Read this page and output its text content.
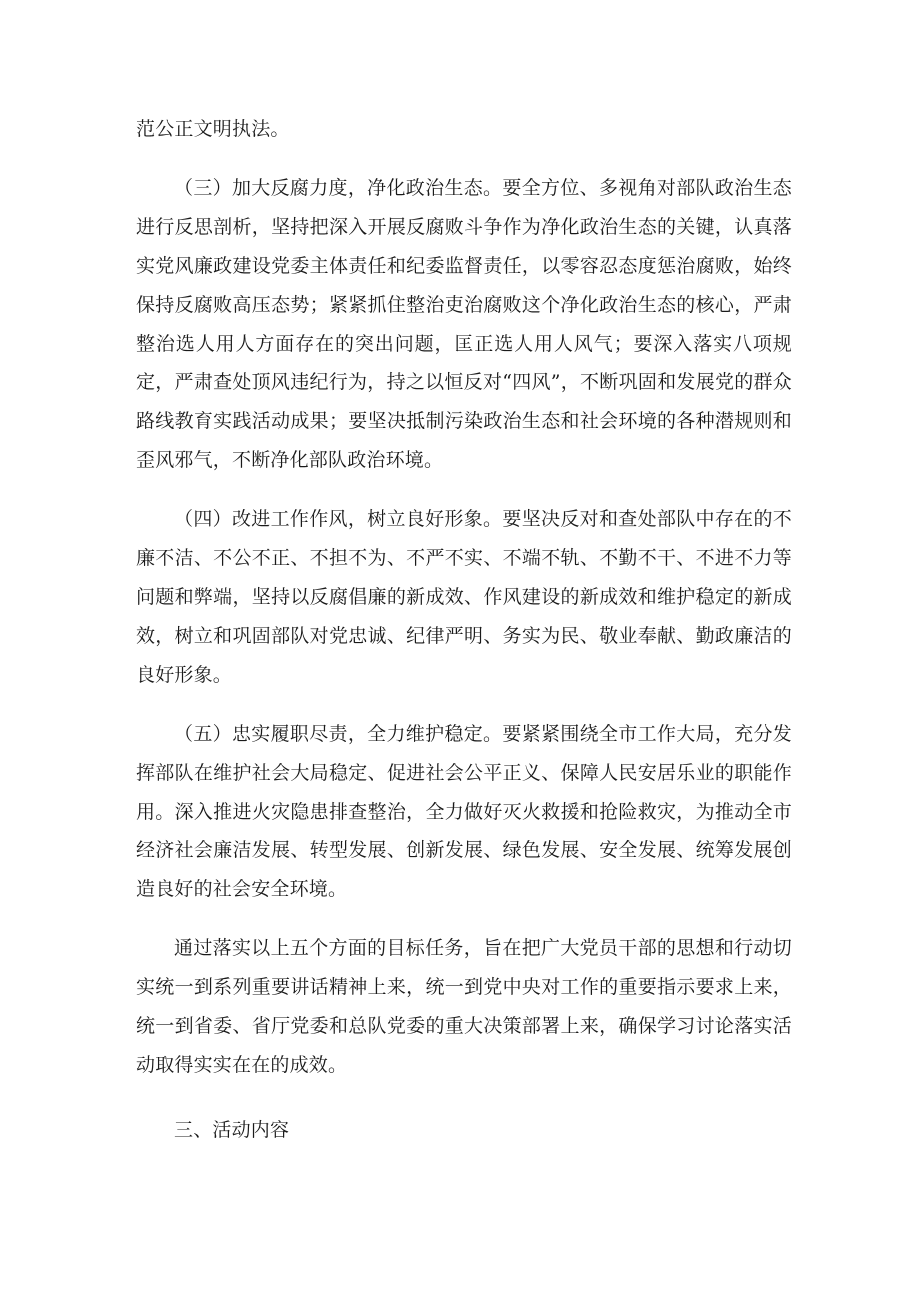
范公正文明执法。

（三）加大反腐力度，净化政治生态。要全方位、多视角对部队政治生态进行反思剖析，坚持把深入开展反腐败斗争作为净化政治生态的关键，认真落实党风廉政建设党委主体责任和纪委监督责任，以零容忍态度惩治腐败，始终保持反腐败高压态势；紧紧抓住整治吏治腐败这个净化政治生态的核心，严肃整治选人用人方面存在的突出问题，匡正选人用人风气；要深入落实八项规定，严肃查处顶风违纪行为，持之以恒反对“四风”，不断巩固和发展党的群众路线教育实践活动成果；要坚决抵制污染政治生态和社会环境的各种潜规则和歪风邪气，不断净化部队政治环境。

（四）改进工作作风，树立良好形象。要坚决反对和查处部队中存在的不廉不洁、不公不正、不担不为、不严不实、不端不轨、不勤不干、不进不力等问题和弊端，坚持以反腐倡廉的新成效、作风建设的新成效和维护稳定的新成效，树立和巩固部队对党忠诚、纪律严明、务实为民、敬业奉献、勤政廉洁的良好形象。

（五）忠实履职尽责，全力维护稳定。要紧紧围绕全市工作大局，充分发挥部队在维护社会大局稳定、促进社会公平正义、保障人民安居乐业的职能作用。深入推进火灾隐患排查整治，全力做好灭火救援和抢险救灾，为推动全市经济社会廉洁发展、转型发展、创新发展、绿色发展、安全发展、统筹发展创造良好的社会安全环境。

通过落实以上五个方面的目标任务，旨在把广大党员干部的思想和行动切实统一到系列重要讲话精神上来，统一到党中央对工作的重要指示要求上来，统一到省委、省厅党委和总队党委的重大决策部署上来，确保学习讨论落实活动取得实实在在的成效。

三、活动内容
